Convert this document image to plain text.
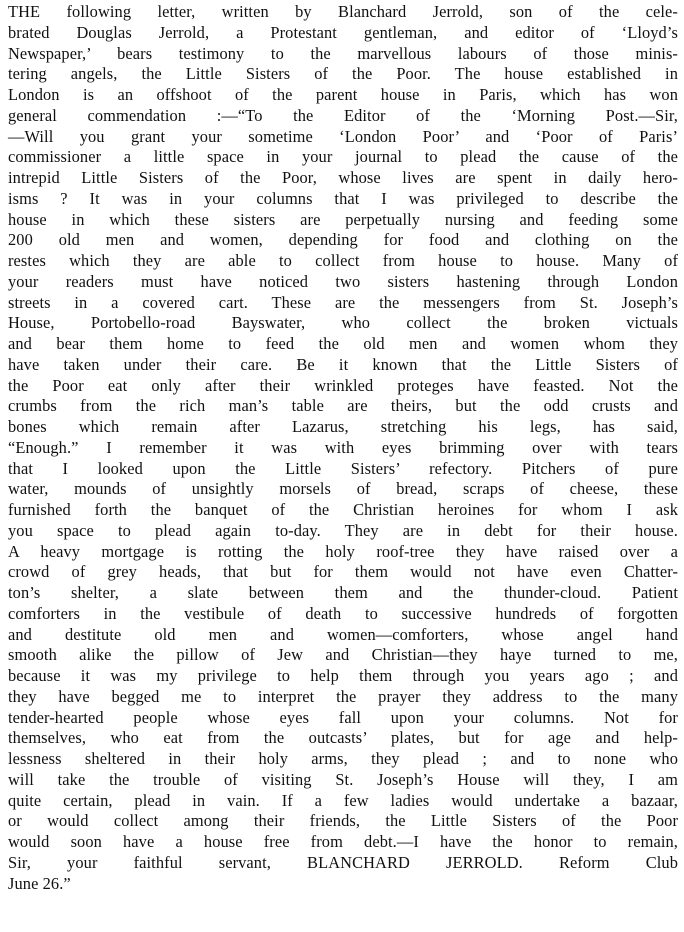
THE following letter, written by Blanchard Jerrold, son of the cele-
brated Douglas Jerrold, a Protestant gentleman, and editor of ‘Lloyd’s
Newspaper,’ bears testimony to the marvellous labours of those minis-
tering angels, the Little Sisters of the Poor. The house established in
London is an offshoot of the parent house in Paris, which has won
general commendation :—“To the Editor of the ‘Morning Post.—Sir,
—Will you grant your sometime ‘London Poor’ and ‘Poor of Paris’
commissioner a little space in your journal to plead the cause of the
intrepid Little Sisters of the Poor, whose lives are spent in daily hero-
isms ? It was in your columns that I was privileged to describe the
house in which these sisters are perpetually nursing and feeding some
200 old men and women, depending for food and clothing on the
restes which they are able to collect from house to house. Many of
your readers must have noticed two sisters hastening through London
streets in a covered cart. These are the messengers from St. Joseph’s
House, Portobello-road Bayswater, who collect the broken victuals
and bear them home to feed the old men and women whom they
have taken under their care. Be it known that the Little Sisters of
the Poor eat only after their wrinkled proteges have feasted. Not the
crumbs from the rich man’s table are theirs, but the odd crusts and
bones which remain after Lazarus, stretching his legs, has said,
“Enough.” I remember it was with eyes brimming over with tears
that I looked upon the Little Sisters’ refectory. Pitchers of pure
water, mounds of unsightly morsels of bread, scraps of cheese, these
furnished forth the banquet of the Christian heroines for whom I ask
you space to plead again to-day. They are in debt for their house.
A heavy mortgage is rotting the holy roof-tree they have raised over a
crowd of grey heads, that but for them would not have even Chatter-
ton’s shelter, a slate between them and the thunder-cloud. Patient
comforters in the vestibule of death to successive hundreds of forgotten
and destitute old men and women—comforters, whose angel hand
smooth alike the pillow of Jew and Christian—they haye turned to me,
because it was my privilege to help them through you years ago ; and
they have begged me to interpret the prayer they address to the many
tender-hearted people whose eyes fall upon your columns. Not for
themselves, who eat from the outcasts’ plates, but for age and help-
lessness sheltered in their holy arms, they plead ; and to none who
will take the trouble of visiting St. Joseph’s House will they, I am
quite certain, plead in vain. If a few ladies would undertake a bazaar,
or would collect among their friends, the Little Sisters of the Poor
would soon have a house free from debt.—I have the honor to remain,
Sir, your faithful servant, BLANCHARD JERROLD. Reform Club
June 26.”
